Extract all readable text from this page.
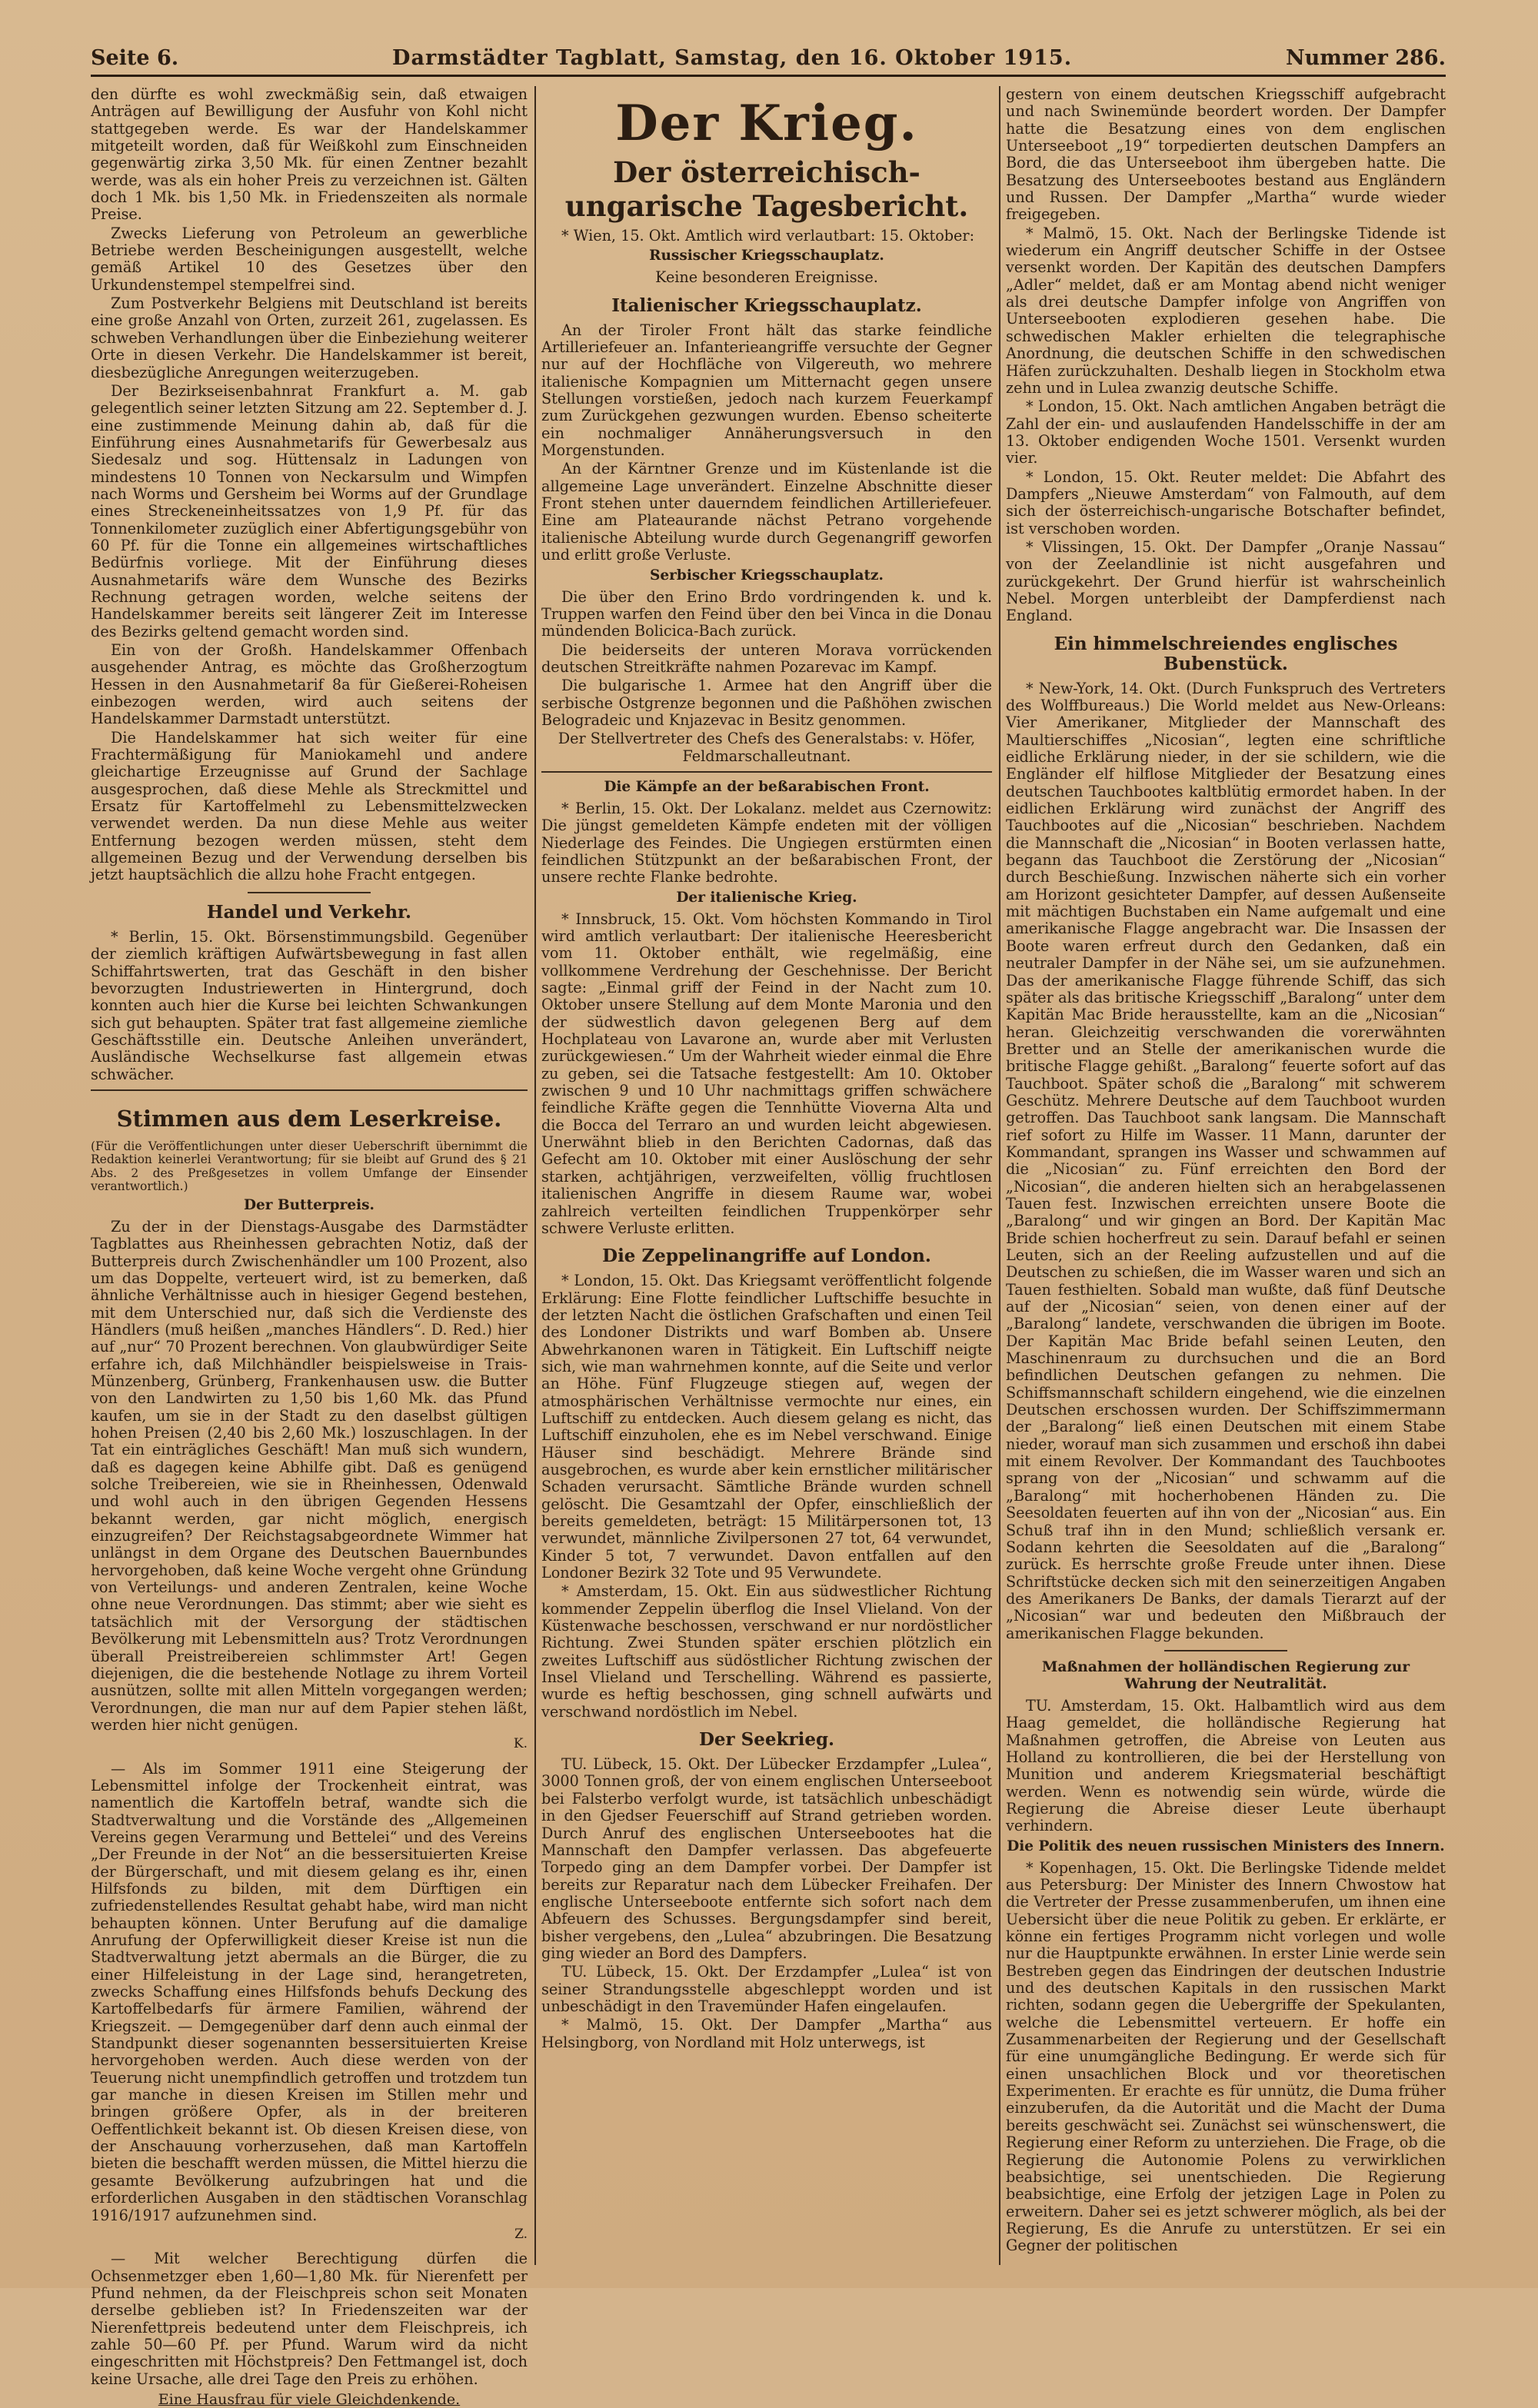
Seite 6.	Darmstädter Tagblatt, Samstag, den 16. Oktober 1915.	Nummer 286.

den dürfte es wohl zweckmäßig sein, daß etwaigen Anträgen auf Bewilligung der Ausfuhr von Kohl nicht stattgegeben werde. Es war der Handelskammer mitgeteilt worden, daß für Weißkohl zum Einschneiden gegenwärtig zirka 3,50 Mk. für einen Zentner bezahlt werde, was als ein hoher Preis zu verzeichnen ist. Gälten doch 1 Mk. bis 1,50 Mk. in Friedenszeiten als normale Preise.

Zwecks Lieferung von Petroleum an gewerbliche Betriebe werden Bescheinigungen ausgestellt, welche gemäß Artikel 10 des Gesetzes über den Urkundenstempel stempelfrei sind.

Zum Postverkehr Belgiens mit Deutschland ist bereits eine große Anzahl von Orten, zurzeit 261, zugelassen. Es schweben Verhandlungen über die Einbeziehung weiterer Orte in diesen Verkehr. Die Handelskammer ist bereit, diesbezügliche Anregungen weiterzugeben.

Der Bezirkseisenbahnrat Frankfurt a. M. gab gelegentlich seiner letzten Sitzung am 22. September d. J. eine zustimmende Meinung dahin ab, daß für die Einführung eines Ausnahmetarifs für Gewerbesalz aus Siedesalz und sog. Hüttensalz in Ladungen von mindestens 10 Tonnen von Neckarsulm und Wimpfen nach Worms und Gersheim bei Worms auf der Grundlage eines Streckeneinheitssatzes von 1,9 Pf. für das Tonnenkilometer zuzüglich einer Abfertigungsgebühr von 60 Pf. für die Tonne ein allgemeines wirtschaftliches Bedürfnis vorliege. Mit der Einführung dieses Ausnahmetarifs wäre dem Wunsche des Bezirks Rechnung getragen worden, welche seitens der Handelskammer bereits seit längerer Zeit im Interesse des Bezirks geltend gemacht worden sind.

Ein von der Großh. Handelskammer Offenbach ausgehender Antrag, es möchte das Großherzogtum Hessen in den Ausnahmetarif 8a für Gießerei-Roheisen einbezogen werden, wird auch seitens der Handelskammer Darmstadt unterstützt.

Die Handelskammer hat sich weiter für eine Frachtermäßigung für Maniokamehl und andere gleichartige Erzeugnisse auf Grund der Sachlage ausgesprochen, daß diese Mehle als Streckmittel und Ersatz für Kartoffelmehl zu Lebensmittelzwecken verwendet werden. Da nun diese Mehle aus weiter Entfernung bezogen werden müssen, steht dem allgemeinen Bezug und der Verwendung derselben bis jetzt hauptsächlich die allzu hohe Fracht entgegen.

Handel und Verkehr.

* Berlin, 15. Okt. Börsenstimmungsbild. Gegenüber der ziemlich kräftigen Aufwärtsbewegung in fast allen Schiffahrtswerten, trat das Geschäft in den bisher bevorzugten Industriewerten in Hintergrund, doch konnten auch hier die Kurse bei leichten Schwankungen sich gut behaupten. Später trat fast allgemeine ziemliche Geschäftsstille ein. Deutsche Anleihen unverändert, Ausländische Wechselkurse fast allgemein etwas schwächer.

Stimmen aus dem Leserkreise.

(Für die Veröffentlichungen unter dieser Ueberschrift übernimmt die Redaktion keinerlei Verantwortung; für sie bleibt auf Grund des § 21 Abs. 2 des Preßgesetzes in vollem Umfange der Einsender verantwortlich.)

Der Butterpreis.

Zu der in der Dienstags-Ausgabe des Darmstädter Tagblattes aus Rheinhessen gebrachten Notiz, daß der Butterpreis durch Zwischenhändler um 100 Prozent, also um das Doppelte, verteuert wird, ist zu bemerken, daß ähnliche Verhältnisse auch in hiesiger Gegend bestehen, mit dem Unterschied nur, daß sich die Verdienste des Händlers (muß heißen „manches Händlers“. D. Red.) hier auf „nur“ 70 Prozent berechnen. Von glaubwürdiger Seite erfahre ich, daß Milchhändler beispielsweise in Trais-Münzenberg, Grünberg, Frankenhausen usw. die Butter von den Landwirten zu 1,50 bis 1,60 Mk. das Pfund kaufen, um sie in der Stadt zu den daselbst gültigen hohen Preisen (2,40 bis 2,60 Mk.) loszuschlagen. In der Tat ein einträgliches Geschäft! Man muß sich wundern, daß es dagegen keine Abhilfe gibt. Daß es genügend solche Treibereien, wie sie in Rheinhessen, Odenwald und wohl auch in den übrigen Gegenden Hessens bekannt werden, gar nicht möglich, energisch einzugreifen? Der Reichstagsabgeordnete Wimmer hat unlängst in dem Organe des Deutschen Bauernbundes hervorgehoben, daß keine Woche vergeht ohne Gründung von Verteilungs- und anderen Zentralen, keine Woche ohne neue Verordnungen. Das stimmt; aber wie sieht es tatsächlich mit der Versorgung der städtischen Bevölkerung mit Lebensmitteln aus? Trotz Verordnungen überall Preistreibereien schlimmster Art! Gegen diejenigen, die die bestehende Notlage zu ihrem Vorteil ausnützen, sollte mit allen Mitteln vorgegangen werden; Verordnungen, die man nur auf dem Papier stehen läßt, werden hier nicht genügen.

K.

— Als im Sommer 1911 eine Steigerung der Lebensmittel infolge der Trockenheit eintrat, was namentlich die Kartoffeln betraf, wandte sich die Stadtverwaltung und die Vorstände des „Allgemeinen Vereins gegen Verarmung und Bettelei“ und des Vereins „Der Freunde in der Not“ an die bessersituierten Kreise der Bürgerschaft, und mit diesem gelang es ihr, einen Hilfsfonds zu bilden, mit dem Dürftigen ein zufriedenstellendes Resultat gehabt habe, wird man nicht behaupten können. Unter Berufung auf die damalige Anrufung der Opferwilligkeit dieser Kreise ist nun die Stadtverwaltung jetzt abermals an die Bürger, die zu einer Hilfeleistung in der Lage sind, herangetreten, zwecks Schaffung eines Hilfsfonds behufs Deckung des Kartoffelbedarfs für ärmere Familien, während der Kriegszeit. — Demgegenüber darf denn auch einmal der Standpunkt dieser sogenannten bessersituierten Kreise hervorgehoben werden. Auch diese werden von der Teuerung nicht unempfindlich getroffen und trotzdem tun gar manche in diesen Kreisen im Stillen mehr und bringen größere Opfer, als in der breiteren Oeffentlichkeit bekannt ist. Ob diesen Kreisen diese, von der Anschauung vorherzusehen, daß man Kartoffeln bieten die beschafft werden müssen, die Mittel hierzu die gesamte Bevölkerung aufzubringen hat und die erforderlichen Ausgaben in den städtischen Voranschlag 1916/1917 aufzunehmen sind.

Z.

— Mit welcher Berechtigung dürfen die Ochsenmetzger eben 1,60—1,80 Mk. für Nierenfett per Pfund nehmen, da der Fleischpreis schon seit Monaten derselbe geblieben ist? In Friedenszeiten war der Nierenfettpreis bedeutend unter dem Fleischpreis, ich zahle 50—60 Pf. per Pfund. Warum wird da nicht eingeschritten mit Höchstpreis? Den Fettmangel ist, doch keine Ursache, alle drei Tage den Preis zu erhöhen.

Eine Hausfrau für viele Gleichdenkende.
Der Krieg.
Der österreichisch-ungarische Tagesbericht.

* Wien, 15. Okt. Amtlich wird verlautbart: 15. Oktober:

Russischer Kriegsschauplatz.

Keine besonderen Ereignisse.

Italienischer Kriegsschauplatz.

An der Tiroler Front hält das starke feindliche Artilleriefeuer an. Infanterieangriffe versuchte der Gegner nur auf der Hochfläche von Vilgereuth, wo mehrere italienische Kompagnien um Mitternacht gegen unsere Stellungen vorstießen, jedoch nach kurzem Feuerkampf zum Zurückgehen gezwungen wurden. Ebenso scheiterte ein nochmaliger Annäherungsversuch in den Morgenstunden.

An der Kärntner Grenze und im Küstenlande ist die allgemeine Lage unverändert. Einzelne Abschnitte dieser Front stehen unter dauerndem feindlichen Artilleriefeuer. Eine am Plateaurande nächst Petrano vorgehende italienische Abteilung wurde durch Gegenangriff geworfen und erlitt große Verluste.

Serbischer Kriegsschauplatz.

Die über den Erino Brdo vordringenden k. und k. Truppen warfen den Feind über den bei Vinca in die Donau mündenden Bolicica-Bach zurück.

Die beiderseits der unteren Morava vorrückenden deutschen Streitkräfte nahmen Pozarevac im Kampf.

Die bulgarische 1. Armee hat den Angriff über die serbische Ostgrenze begonnen und die Paßhöhen zwischen Belogradeic und Knjazevac in Besitz genommen.

Der Stellvertreter des Chefs des Generalstabs: v. Höfer, Feldmarschalleutnant.

Die Kämpfe an der beßarabischen Front.

* Berlin, 15. Okt. Der Lokalanz. meldet aus Czernowitz: Die jüngst gemeldeten Kämpfe endeten mit der völligen Niederlage des Feindes. Die Ungiegen erstürmten einen feindlichen Stützpunkt an der beßarabischen Front, der unsere rechte Flanke bedrohte.

Der italienische Krieg.

* Innsbruck, 15. Okt. Vom höchsten Kommando in Tirol wird amtlich verlautbart: Der italienische Heeresbericht vom 11. Oktober enthält, wie regelmäßig, eine vollkommene Verdrehung der Geschehnisse. Der Bericht sagte: „Einmal griff der Feind in der Nacht zum 10. Oktober unsere Stellung auf dem Monte Maronia und den der südwestlich davon gelegenen Berg auf dem Hochplateau von Lavarone an, wurde aber mit Verlusten zurückgewiesen.“ Um der Wahrheit wieder einmal die Ehre zu geben, sei die Tatsache festgestellt: Am 10. Oktober zwischen 9 und 10 Uhr nachmittags griffen schwächere feindliche Kräfte gegen die Tennhütte Vioverna Alta und die Bocca del Terraro an und wurden leicht abgewiesen. Unerwähnt blieb in den Berichten Cadornas, daß das Gefecht am 10. Oktober mit einer Auslöschung der sehr starken, achtjährigen, verzweifelten, völlig fruchtlosen italienischen Angriffe in diesem Raume war, wobei zahlreich verteilten feindlichen Truppenkörper sehr schwere Verluste erlitten.

Die Zeppelinangriffe auf London.

* London, 15. Okt. Das Kriegsamt veröffentlicht folgende Erklärung: Eine Flotte feindlicher Luftschiffe besuchte in der letzten Nacht die östlichen Grafschaften und einen Teil des Londoner Distrikts und warf Bomben ab. Unsere Abwehrkanonen waren in Tätigkeit. Ein Luftschiff neigte sich, wie man wahrnehmen konnte, auf die Seite und verlor an Höhe. Fünf Flugzeuge stiegen auf, wegen der atmosphärischen Verhältnisse vermochte nur eines, ein Luftschiff zu entdecken. Auch diesem gelang es nicht, das Luftschiff einzuholen, ehe es im Nebel verschwand. Einige Häuser sind beschädigt. Mehrere Brände sind ausgebrochen, es wurde aber kein ernstlicher militärischer Schaden verursacht. Sämtliche Brände wurden schnell gelöscht. Die Gesamtzahl der Opfer, einschließlich der bereits gemeldeten, beträgt: 15 Militärpersonen tot, 13 verwundet, männliche Zivilpersonen 27 tot, 64 verwundet, Kinder 5 tot, 7 verwundet. Davon entfallen auf den Londoner Bezirk 32 Tote und 95 Verwundete.

* Amsterdam, 15. Okt. Ein aus südwestlicher Richtung kommender Zeppelin überflog die Insel Vlieland. Von der Küstenwache beschossen, verschwand er nur nordöstlicher Richtung. Zwei Stunden später erschien plötzlich ein zweites Luftschiff aus südöstlicher Richtung zwischen der Insel Vlieland und Terschelling. Während es passierte, wurde es heftig beschossen, ging schnell aufwärts und verschwand nordöstlich im Nebel.

Der Seekrieg.

TU. Lübeck, 15. Okt. Der Lübecker Erzdampfer „Lulea“, 3000 Tonnen groß, der von einem englischen Unterseeboot bei Falsterbo verfolgt wurde, ist tatsächlich unbeschädigt in den Gjedser Feuerschiff auf Strand getrieben worden. Durch Anruf des englischen Unterseebootes hat die Mannschaft den Dampfer verlassen. Das abgefeuerte Torpedo ging an dem Dampfer vorbei. Der Dampfer ist bereits zur Reparatur nach dem Lübecker Freihafen. Der englische Unterseeboote entfernte sich sofort nach dem Abfeuern des Schusses. Bergungsdampfer sind bereit, bisher vergebens, den „Lulea“ abzubringen. Die Besatzung ging wieder an Bord des Dampfers.

TU. Lübeck, 15. Okt. Der Erzdampfer „Lulea“ ist von seiner Strandungsstelle abgeschleppt worden und ist unbeschädigt in den Travemünder Hafen eingelaufen.

* Malmö, 15. Okt. Der Dampfer „Martha“ aus Helsingborg, von Nordland mit Holz unterwegs, ist

gestern von einem deutschen Kriegsschiff aufgebracht und nach Swinemünde beordert worden. Der Dampfer hatte die Besatzung eines von dem englischen Unterseeboot „19“ torpedierten deutschen Dampfers an Bord, die das Unterseeboot ihm übergeben hatte. Die Besatzung des Unterseebootes bestand aus Engländern und Russen. Der Dampfer „Martha“ wurde wieder freigegeben.

* Malmö, 15. Okt. Nach der Berlingske Tidende ist wiederum ein Angriff deutscher Schiffe in der Ostsee versenkt worden. Der Kapitän des deutschen Dampfers „Adler“ meldet, daß er am Montag abend nicht weniger als drei deutsche Dampfer infolge von Angriffen von Unterseebooten explodieren gesehen habe. Die schwedischen Makler erhielten die telegraphische Anordnung, die deutschen Schiffe in den schwedischen Häfen zurückzuhalten. Deshalb liegen in Stockholm etwa zehn und in Lulea zwanzig deutsche Schiffe.

* London, 15. Okt. Nach amtlichen Angaben beträgt die Zahl der ein- und auslaufenden Handelsschiffe in der am 13. Oktober endigenden Woche 1501. Versenkt wurden vier.

* London, 15. Okt. Reuter meldet: Die Abfahrt des Dampfers „Nieuwe Amsterdam“ von Falmouth, auf dem sich der österreichisch-ungarische Botschafter befindet, ist verschoben worden.

* Vlissingen, 15. Okt. Der Dampfer „Oranje Nassau“ von der Zeelandlinie ist nicht ausgefahren und zurückgekehrt. Der Grund hierfür ist wahrscheinlich Nebel. Morgen unterbleibt der Dampferdienst nach England.

Ein himmelschreiendes englisches Bubenstück.

* New-York, 14. Okt. (Durch Funkspruch des Vertreters des Wolffbureaus.) Die World meldet aus New-Orleans: Vier Amerikaner, Mitglieder der Mannschaft des Maultierschiffes „Nicosian“, legten eine schriftliche eidliche Erklärung nieder, in der sie schildern, wie die Engländer elf hilflose Mitglieder der Besatzung eines deutschen Tauchbootes kaltblütig ermordet haben. In der eidlichen Erklärung wird zunächst der Angriff des Tauchbootes auf die „Nicosian“ beschrieben. Nachdem die Mannschaft die „Nicosian“ in Booten verlassen hatte, begann das Tauchboot die Zerstörung der „Nicosian“ durch Beschießung. Inzwischen näherte sich ein vorher am Horizont gesichteter Dampfer, auf dessen Außenseite mit mächtigen Buchstaben ein Name aufgemalt und eine amerikanische Flagge angebracht war. Die Insassen der Boote waren erfreut durch den Gedanken, daß ein neutraler Dampfer in der Nähe sei, um sie aufzunehmen. Das der amerikanische Flagge führende Schiff, das sich später als das britische Kriegsschiff „Baralong“ unter dem Kapitän Mac Bride herausstellte, kam an die „Nicosian“ heran. Gleichzeitig verschwanden die vorerwähnten Bretter und an Stelle der amerikanischen wurde die britische Flagge gehißt. „Baralong“ feuerte sofort auf das Tauchboot. Später schoß die „Baralong“ mit schwerem Geschütz. Mehrere Deutsche auf dem Tauchboot wurden getroffen. Das Tauchboot sank langsam. Die Mannschaft rief sofort zu Hilfe im Wasser. 11 Mann, darunter der Kommandant, sprangen ins Wasser und schwammen auf die „Nicosian“ zu. Fünf erreichten den Bord der „Nicosian“, die anderen hielten sich an herabgelassenen Tauen fest. Inzwischen erreichten unsere Boote die „Baralong“ und wir gingen an Bord. Der Kapitän Mac Bride schien hocherfreut zu sein. Darauf befahl er seinen Leuten, sich an der Reeling aufzustellen und auf die Deutschen zu schießen, die im Wasser waren und sich an Tauen festhielten. Sobald man wußte, daß fünf Deutsche auf der „Nicosian“ seien, von denen einer auf der „Baralong“ landete, verschwanden die übrigen im Boote. Der Kapitän Mac Bride befahl seinen Leuten, den Maschinenraum zu durchsuchen und die an Bord befindlichen Deutschen gefangen zu nehmen. Die Schiffsmannschaft schildern eingehend, wie die einzelnen Deutschen erschossen wurden. Der Schiffszimmermann der „Baralong“ ließ einen Deutschen mit einem Stabe nieder, worauf man sich zusammen und erschoß ihn dabei mit einem Revolver. Der Kommandant des Tauchbootes sprang von der „Nicosian“ und schwamm auf die „Baralong“ mit hocherhobenen Händen zu. Die Seesoldaten feuerten auf ihn von der „Nicosian“ aus. Ein Schuß traf ihn in den Mund; schließlich versank er. Sodann kehrten die Seesoldaten auf die „Baralong“ zurück. Es herrschte große Freude unter ihnen. Diese Schriftstücke decken sich mit den seinerzeitigen Angaben des Amerikaners De Banks, der damals Tierarzt auf der „Nicosian“ war und bedeuten den Mißbrauch der amerikanischen Flagge bekunden.

Maßnahmen der holländischen Regierung zur Wahrung der Neutralität.

TU. Amsterdam, 15. Okt. Halbamtlich wird aus dem Haag gemeldet, die holländische Regierung hat Maßnahmen getroffen, die Abreise von Leuten aus Holland zu kontrollieren, die bei der Herstellung von Munition und anderem Kriegsmaterial beschäftigt werden. Wenn es notwendig sein würde, würde die Regierung die Abreise dieser Leute überhaupt verhindern.

Die Politik des neuen russischen Ministers des Innern.

* Kopenhagen, 15. Okt. Die Berlingske Tidende meldet aus Petersburg: Der Minister des Innern Chwostow hat die Vertreter der Presse zusammenberufen, um ihnen eine Uebersicht über die neue Politik zu geben. Er erklärte, er könne ein fertiges Programm nicht vorlegen und wolle nur die Hauptpunkte erwähnen. In erster Linie werde sein Bestreben gegen das Eindringen der deutschen Industrie und des deutschen Kapitals in den russischen Markt richten, sodann gegen die Uebergriffe der Spekulanten, welche die Lebensmittel verteuern. Er hoffe ein Zusammenarbeiten der Regierung und der Gesellschaft für eine unumgängliche Bedingung. Er werde sich für einen unsachlichen Block und vor theoretischen Experimenten. Er erachte es für unnütz, die Duma früher einzuberufen, da die Autorität und die Macht der Duma bereits geschwächt sei. Zunächst sei wünschenswert, die Regierung einer Reform zu unterziehen. Die Frage, ob die Regierung die Autonomie Polens zu verwirklichen beabsichtige, sei unentschieden. Die Regierung beabsichtige, eine Erfolg der jetzigen Lage in Polen zu erweitern. Daher sei es jetzt schwerer möglich, als bei der Regierung, Es die Anrufe zu unterstützen. Er sei ein Gegner der politischen
